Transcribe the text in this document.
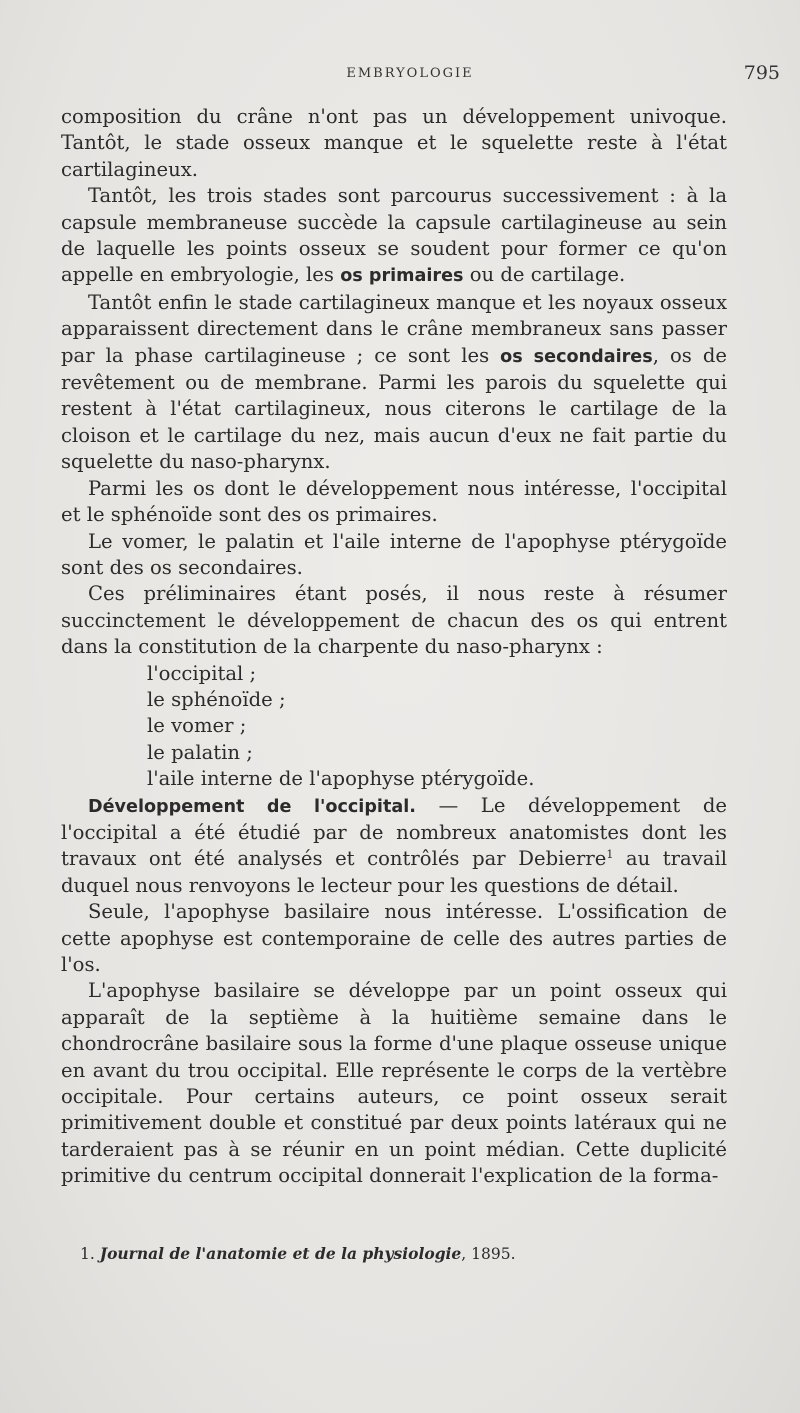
EMBRYOLOGIE	795

composition du crâne n'ont pas un développement univoque. Tantôt, le stade osseux manque et le squelette reste à l'état cartilagineux.

Tantôt, les trois stades sont parcourus successivement : à la capsule membraneuse succède la capsule cartilagineuse au sein de laquelle les points osseux se soudent pour former ce qu'on appelle en embryologie, les os primaires ou de cartilage.

Tantôt enfin le stade cartilagineux manque et les noyaux osseux apparaissent directement dans le crâne membraneux sans passer par la phase cartilagineuse ; ce sont les os secondaires, os de revêtement ou de membrane. Parmi les parois du squelette qui restent à l'état cartilagineux, nous citerons le cartilage de la cloison et le cartilage du nez, mais aucun d'eux ne fait partie du squelette du naso-pharynx.

Parmi les os dont le développement nous intéresse, l'occipital et le sphénoïde sont des os primaires.

Le vomer, le palatin et l'aile interne de l'apophyse ptérygoïde sont des os secondaires.

Ces préliminaires étant posés, il nous reste à résumer succinctement le développement de chacun des os qui entrent dans la constitution de la charpente du naso-pharynx :

l'occipital ;
le sphénoïde ;
le vomer ;
le palatin ;
l'aile interne de l'apophyse ptérygoïde.

Développement de l'occipital. — Le développement de l'occipital a été étudié par de nombreux anatomistes dont les travaux ont été analysés et contrôlés par Debierre$^1$ au travail duquel nous renvoyons le lecteur pour les questions de détail.

Seule, l'apophyse basilaire nous intéresse. L'ossification de cette apophyse est contemporaine de celle des autres parties de l'os.

L'apophyse basilaire se développe par un point osseux qui apparaît de la septième à la huitième semaine dans le chondrocrâne basilaire sous la forme d'une plaque osseuse unique en avant du trou occipital. Elle représente le corps de la vertèbre occipitale. Pour certains auteurs, ce point osseux serait primitivement double et constitué par deux points latéraux qui ne tarderaient pas à se réunir en un point médian. Cette duplicité primitive du centrum occipital donnerait l'explication de la forma-

1. Journal de l'anatomie et de la physiologie, 1895.
